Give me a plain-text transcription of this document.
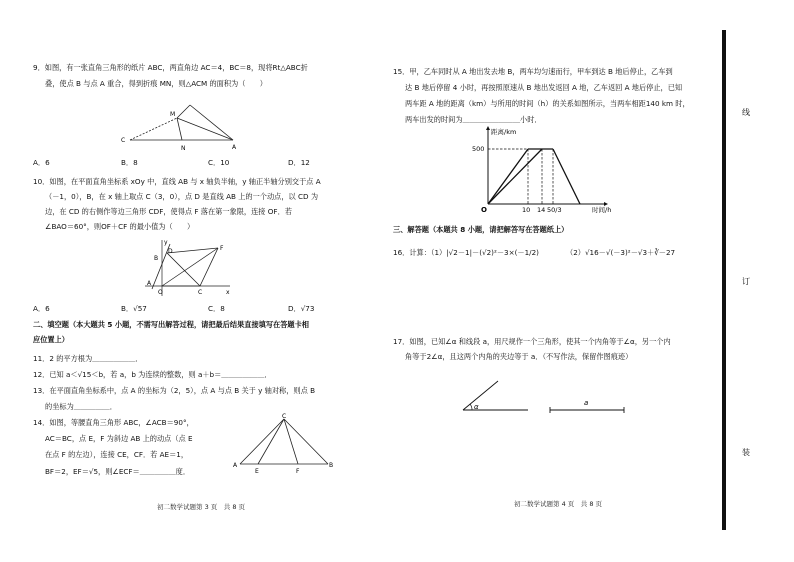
9．如图，有一张直角三角形的纸片 ABC，两直角边 AC＝4，BC＝8，现将Rt△ABC折
叠，使点 B 与点 A 重合，得到折痕 MN，则△ACM 的面积为（　　）
C
M
N	A
A．6	B．8	C．10	D．12
10．如图，在平面直角坐标系 xOy 中，直线 AB 与 x 轴负半轴，y 轴正半轴分别交于点 A
（－1，0），B，在 x 轴上取点 C（3，0），点 D 是直线 AB 上的一个动点，以 CD 为
边，在 CD 的右侧作等边三角形 CDF，使得点 F 落在第一象限，连接 OF．若
∠BAO＝60°，则OF＋CF 的最小值为（　　）
y
B
D	F
A
O	C	x
A．6	B．√57	C．8	D．√73
二、填空题（本大题共 5 小题，不需写出解答过程，请把最后结果直接填写在答题卡相
应位置上）
11．2 的平方根为＿＿＿＿＿＿．
12．已知 a＜√15＜b，若 a，b 为连续的整数，则 a＋b＝＿＿＿＿＿＿．
13．在平面直角坐标系中，点 A 的坐标为（2，5），点 A 与点 B 关于 y 轴对称，则点 B
的坐标为＿＿＿＿＿．
14．如图，等腰直角三角形 ABC，∠ACB＝90°，
AC＝BC，点 E，F 为斜边 AB 上的动点（点 E
在点 F 的左边），连接 CE，CF．若 AE＝1，
BF＝2，EF＝√5，则∠ECF＝＿＿＿＿＿度．
C
A
E	F
B
初二数学试题第 3 页　共 8 页
15．甲，乙车同时从 A 地出发去地 B，两车均匀速而行，甲车到达 B 地后停止，乙车到
达 B 地后停留 4 小时，再按照原速从 B 地出发返回 A 地，乙车返回 A 地后停止，已知
两车距 A 地的距离（km）与所用的时间（h）的关系如图所示，当两车相距140 km 时，
两车出发的时间为＿＿＿＿＿＿＿＿小时．
距离/km
500
O	10 14 50/3	时间/h
三、解答题（本题共 8 小题，请把解答写在答题纸上）
16．计算：（1）|√2－1|－(√2)²－3×(－1/2)	（2）√16－√(－3)²－√3＋∛－27
17．如图，已知∠α 和线段 a，用尺规作一个三角形，使其一个内角等于∠α，另一个内
角等于2∠α，且这两个内角的夹边等于 a．（不写作法，保留作图痕迹）
α	a
初二数学试题第 4 页　共 8 页
线
订
装
